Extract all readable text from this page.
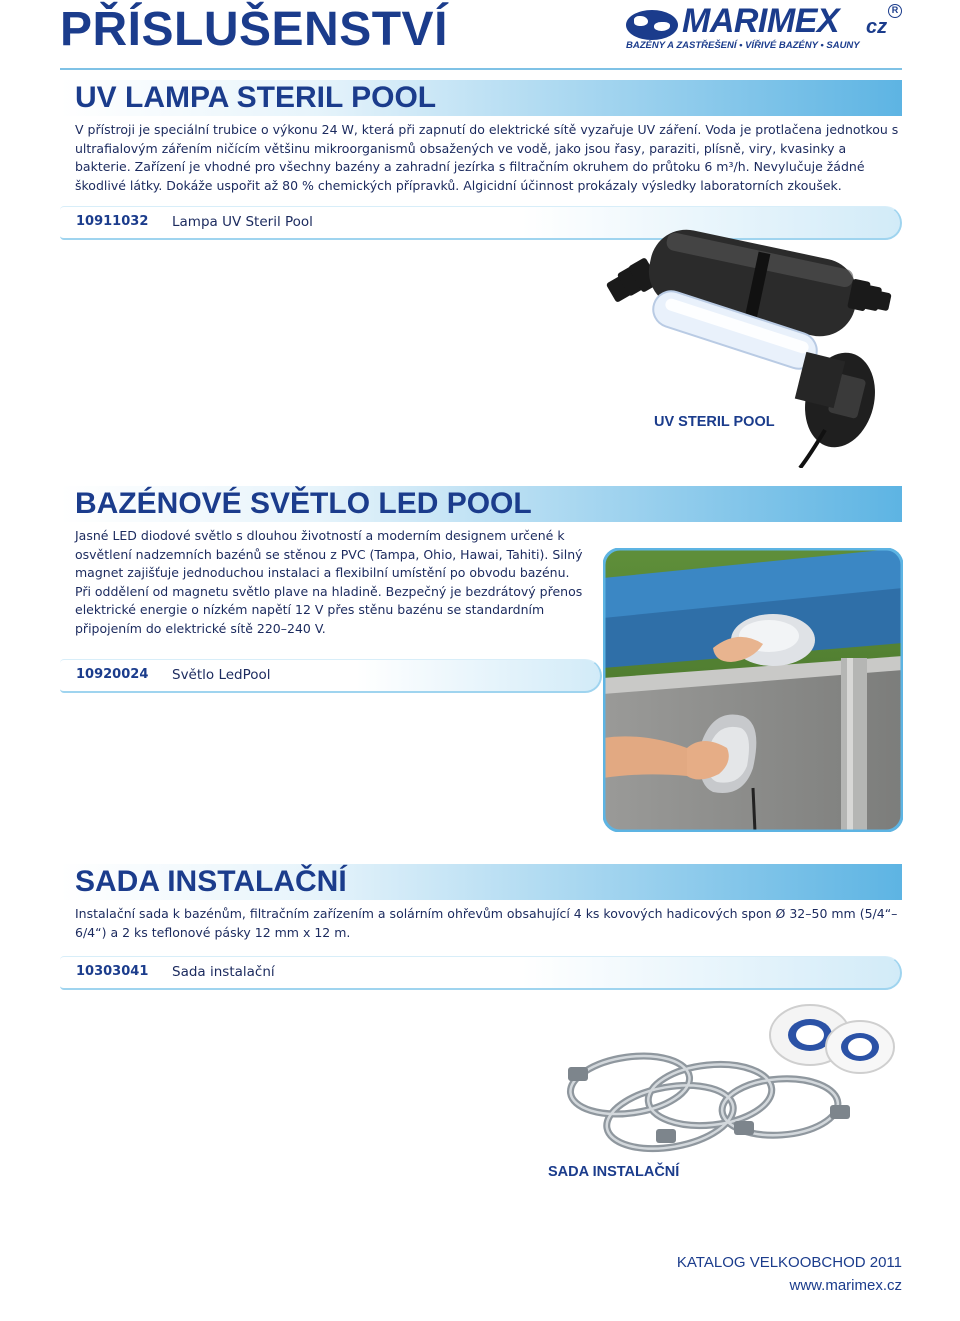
PŘÍSLUŠENSTVÍ	MARIMEX cz
R
BAZÉNY A ZASTŘEŠENÍ • VÍŘIVÉ BAZÉNY • SAUNY
UV LAMPA STERIL POOL
V přístroji je speciální trubice o výkonu 24 W, která při zapnutí do elektrické sítě vyzařuje UV záření. Voda je protlačena jednotkou s ultrafialovým zářením ničícím většinu mikroorganismů obsažených ve vodě, jako jsou řasy, paraziti, plísně, viry, kvasinky a bakterie. Zařízení je vhodné pro všechny bazény a zahradní jezírka s filtračním okruhem do průtoku 6 m³/h. Nevylučuje žádné škodlivé látky. Dokáže uspořit až 80 % chemických přípravků. Algicidní účinnost prokázaly výsledky laboratorních zkoušek.
10911032 Lampa UV Steril Pool
UV STERIL POOL
BAZÉNOVÉ SVĚTLO LED POOL
Jasné LED diodové světlo s dlouhou životností a moderním designem určené k osvětlení nadzemních bazénů se stěnou z PVC (Tampa, Ohio, Hawai, Tahiti). Silný magnet zajišťuje jednoduchou instalaci a flexibilní umístění po obvodu bazénu. Při oddělení od magnetu světlo plave na hladině. Bezpečný je bezdrátový přenos elektrické energie o nízkém napětí 12 V přes stěnu bazénu se standardním připojením do elektrické sítě 220–240 V.
10920024 Světlo LedPool
SADA INSTALAČNÍ
Instalační sada k bazénům, filtračním zařízením a solárním ohřevům obsahující 4 ks kovových hadicových spon Ø 32–50 mm (5/4“–6/4“) a 2 ks teflonové pásky 12 mm x 12 m.
10303041 Sada instalační
SADA INSTALAČNÍ
KATALOG VELKOOBCHOD 2011
www.marimex.cz
